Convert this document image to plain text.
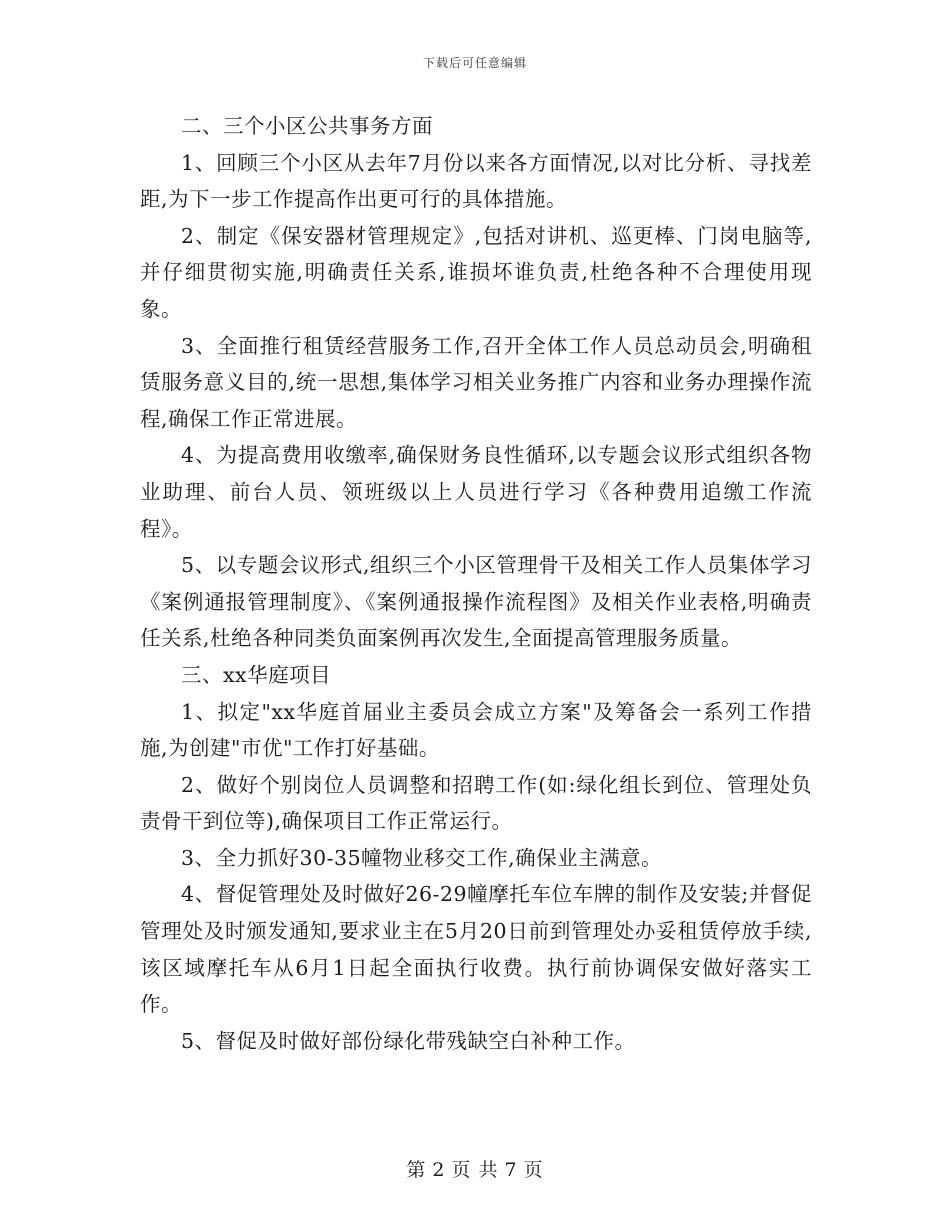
下载后可任意编辑

二、三个小区公共事务方面

1、回顾三个小区从去年7月份以来各方面情况,以对比分析、寻找差距,为下一步工作提高作出更可行的具体措施。

2、制定《保安器材管理规定》,包括对讲机、巡更棒、门岗电脑等,并仔细贯彻实施,明确责任关系,谁损坏谁负责,杜绝各种不合理使用现象。

3、全面推行租赁经营服务工作,召开全体工作人员总动员会,明确租赁服务意义目的,统一思想,集体学习相关业务推广内容和业务办理操作流程,确保工作正常进展。

4、为提高费用收缴率,确保财务良性循环,以专题会议形式组织各物业助理、前台人员、领班级以上人员进行学习《各种费用追缴工作流程》。

5、以专题会议形式,组织三个小区管理骨干及相关工作人员集体学习《案例通报管理制度》、《案例通报操作流程图》及相关作业表格,明确责任关系,杜绝各种同类负面案例再次发生,全面提高管理服务质量。

三、xx华庭项目

1、拟定"xx华庭首届业主委员会成立方案"及筹备会一系列工作措施,为创建"市优"工作打好基础。

2、做好个别岗位人员调整和招聘工作(如:绿化组长到位、管理处负责骨干到位等),确保项目工作正常运行。

3、全力抓好30-35幢物业移交工作,确保业主满意。

4、督促管理处及时做好26-29幢摩托车位车牌的制作及安装;并督促管理处及时颁发通知,要求业主在5月20日前到管理处办妥租赁停放手续,该区域摩托车从6月1日起全面执行收费。执行前协调保安做好落实工作。

5、督促及时做好部份绿化带残缺空白补种工作。

第 2 页 共 7 页
